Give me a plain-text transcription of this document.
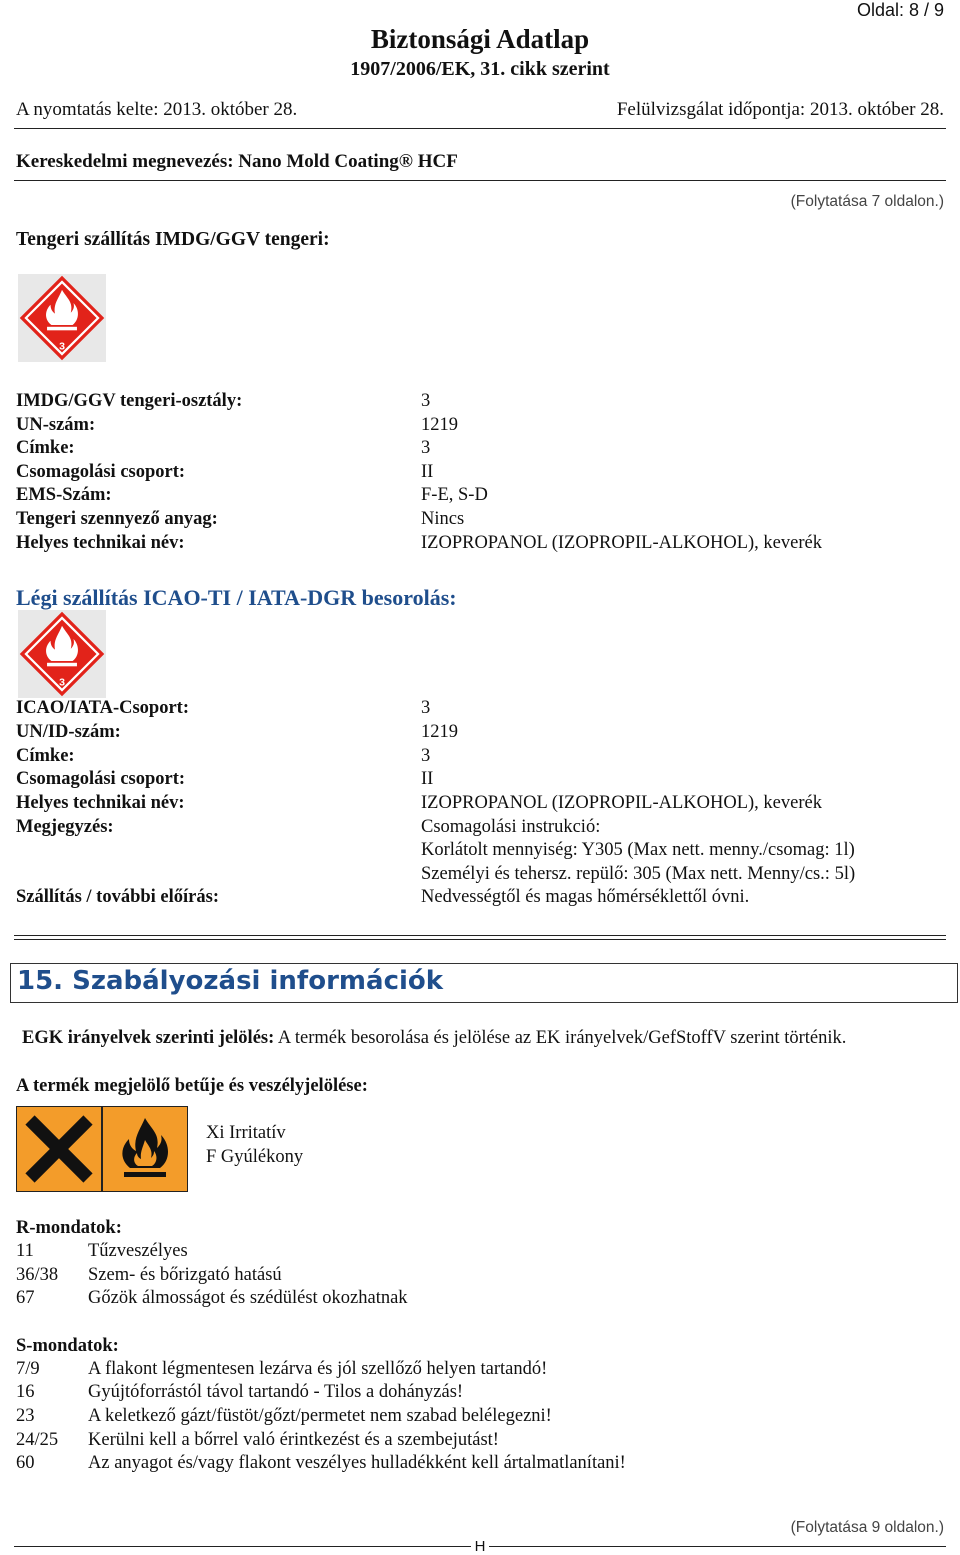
Oldal: 8 / 9
Biztonsági Adatlap
1907/2006/EK, 31. cikk szerint
A nyomtatás kelte: 2013. október 28.	Felülvizsgálat időpontja: 2013. október 28.
Kereskedelmi megnevezés: Nano Mold Coating® HCF
(Folytatása 7 oldalon.)
Tengeri szállítás IMDG/GGV tengeri:
3
IMDG/GGV tengeri-osztály:	3
UN-szám:	1219
Címke:	3
Csomagolási csoport:	II
EMS-Szám:	F-E, S-D
Tengeri szennyező anyag:	Nincs
Helyes technikai név:	IZOPROPANOL (IZOPROPIL-ALKOHOL), keverék
Légi szállítás ICAO-TI / IATA-DGR besorolás:
3
ICAO/IATA-Csoport:	3
UN/ID-szám:	1219
Címke:	3
Csomagolási csoport:	II
Helyes technikai név:	IZOPROPANOL (IZOPROPIL-ALKOHOL), keverék
Megjegyzés:	Csomagolási instrukció:
Korlátolt mennyiség: Y305 (Max nett. menny./csomag: 1l)
Személyi és tehersz. repülő: 305 (Max nett. Menny/cs.: 5l)
Szállítás / további előírás:	Nedvességtől és magas hőmérséklettől óvni.
15. Szabályozási információk
EGK irányelvek szerinti jelölés: A termék besorolása és jelölése az EK irányelvek/GefStoffV szerint történik.
A termék megjelölő betűje és veszélyjelölése:
Xi Irritatív
F Gyúlékony
R-mondatok:
11	Tűzveszélyes
36/38 Szem- és bőrizgató hatású
67	Gőzök álmosságot és szédülést okozhatnak
S-mondatok:
7/9	A flakont légmentesen lezárva és jól szellőző helyen tartandó!
16	Gyújtóforrástól távol tartandó - Tilos a dohányzás!
23	A keletkező gázt/füstöt/gőzt/permetet nem szabad belélegezni!
24/25 Kerülni kell a bőrrel való érintkezést és a szembejutást!
60	Az anyagot és/vagy flakont veszélyes hulladékként kell ártalmatlanítani!
(Folytatása 9 oldalon.)
H
